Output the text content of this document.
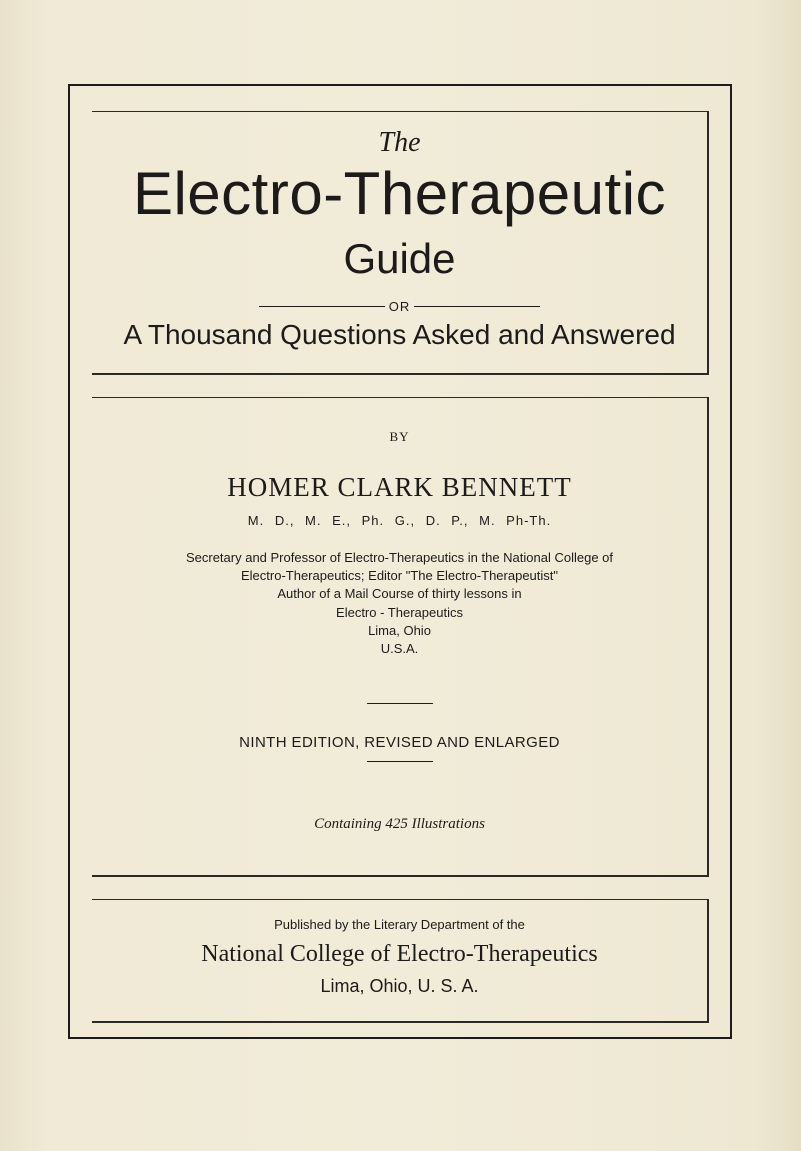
The
Electro-Therapeutic
Guide
OR
A Thousand Questions Asked and Answered
BY
HOMER CLARK BENNETT
M. D., M. E., Ph. G., D. P., M. Ph-Th.
Secretary and Professor of Electro-Therapeutics in the National College of
Electro-Therapeutics; Editor "The Electro-Therapeutist"
Author of a Mail Course of thirty lessons in
Electro - Therapeutics
Lima, Ohio
U.S.A.
NINTH EDITION, REVISED AND ENLARGED
Containing 425 Illustrations
Published by the Literary Department of the
National College of Electro-Therapeutics
Lima, Ohio, U. S. A.
